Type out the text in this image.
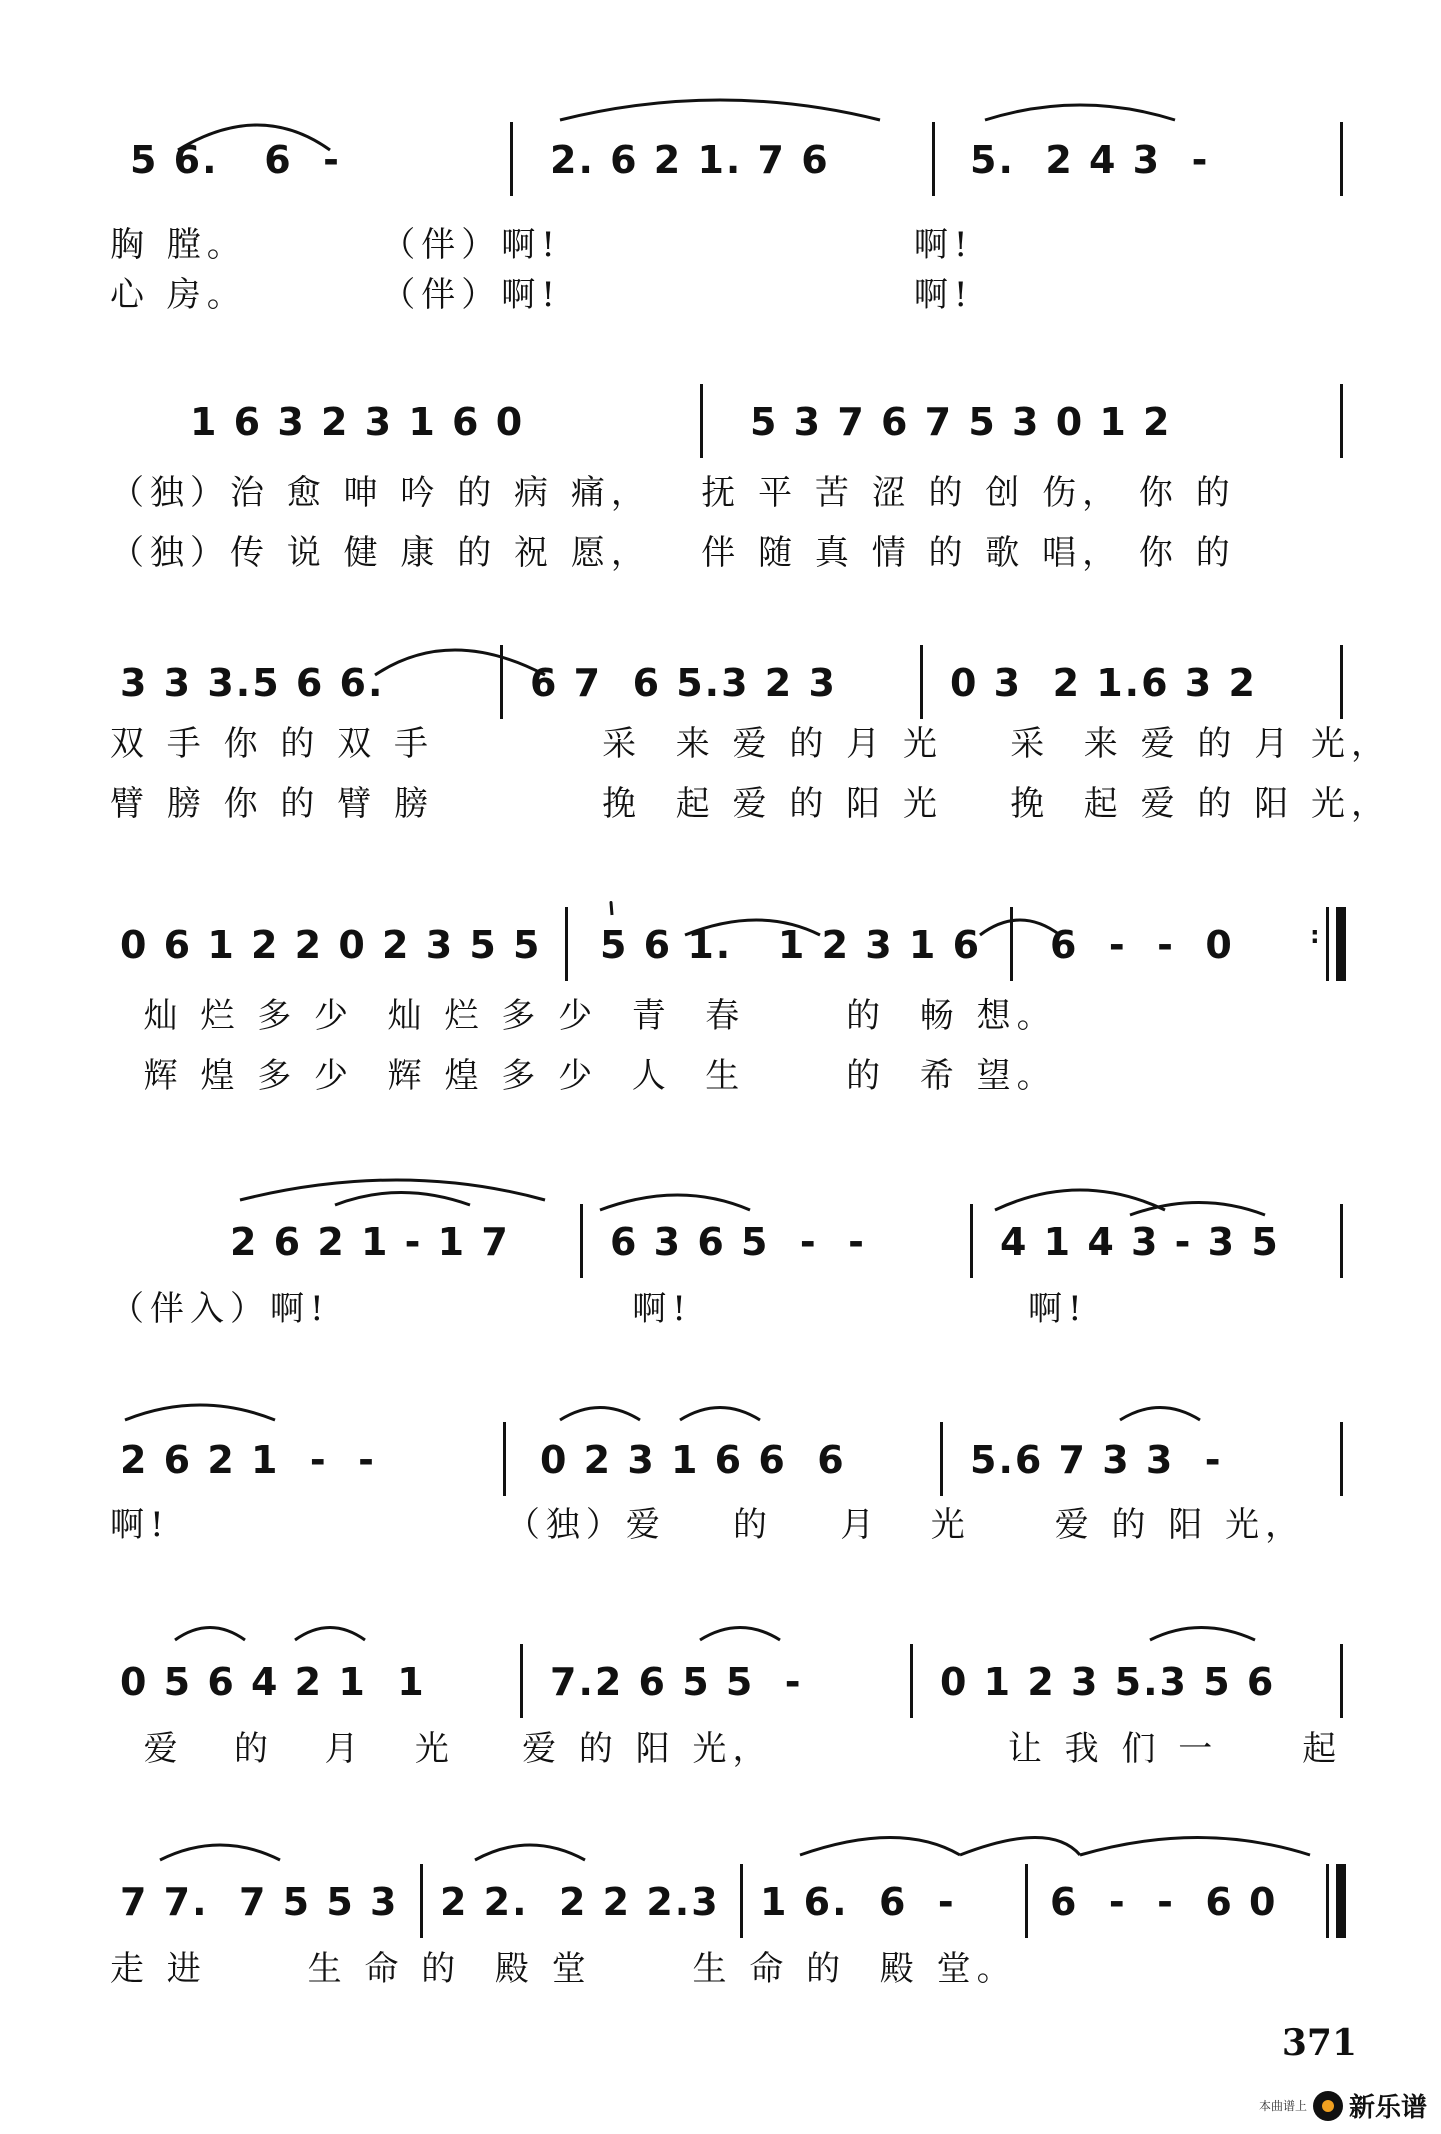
5 6.   6  -	2. 6 2 1. 7 6	5.  2 4 3  -
胸 膛。        （伴）啊!                     啊!
心 房。        （伴）啊!                     啊!
1 6 3 2 3 1 6 0	5 3 7 6 7 5 3 0 1 2
（独）治 愈 呻 吟 的 病 痛，   抚 平 苦 涩 的 创 伤， 你 的
（独）传 说 健 康 的 祝 愿，   伴 随 真 情 的 歌 唱， 你 的
3 3 3.5 6 6.	6 7  6 5.3 2 3	0 3  2 1.6 3 2
双 手 你 的 双 手          采  来 爱 的 月 光    采  来 爱 的 月 光，
臂 膀 你 的 臂 膀          挽  起 爱 的 阳 光    挽  起 爱 的 阳 光，
0 6 1 2 2 0 2 3 5 5 5 6 1.   1 2 3 1 6 6  -  -  0	:
灿 烂 多 少  灿 烂 多 少  青  春      的  畅 想。
辉 煌 多 少  辉 煌 多 少  人  生      的  希 望。
2 6 2 1 - 1 7	6 3 6 5  -  -	4 1 4 3 - 3 5
（伴入）啊!                  啊!                    啊!
2 6 2 1  -  -	0 2 3 1 6 6  6	5.6 7 3 3  -
啊!                    （独）爱    的    月   光     爱 的 阳 光，
0 5 6 4 2 1  1	7.2 6 5 5  -	0 1 2 3 5.3 5 6
爱   的   月   光    爱 的 阳 光，              让 我 们 一     起
7 7.  7 5 5 3 2 2.  2 2 2.3 1 6.  6  - 6  -  -  6 0
走 进      生 命 的  殿 堂      生 命 的  殿 堂。
371
本曲谱上 新乐谱
